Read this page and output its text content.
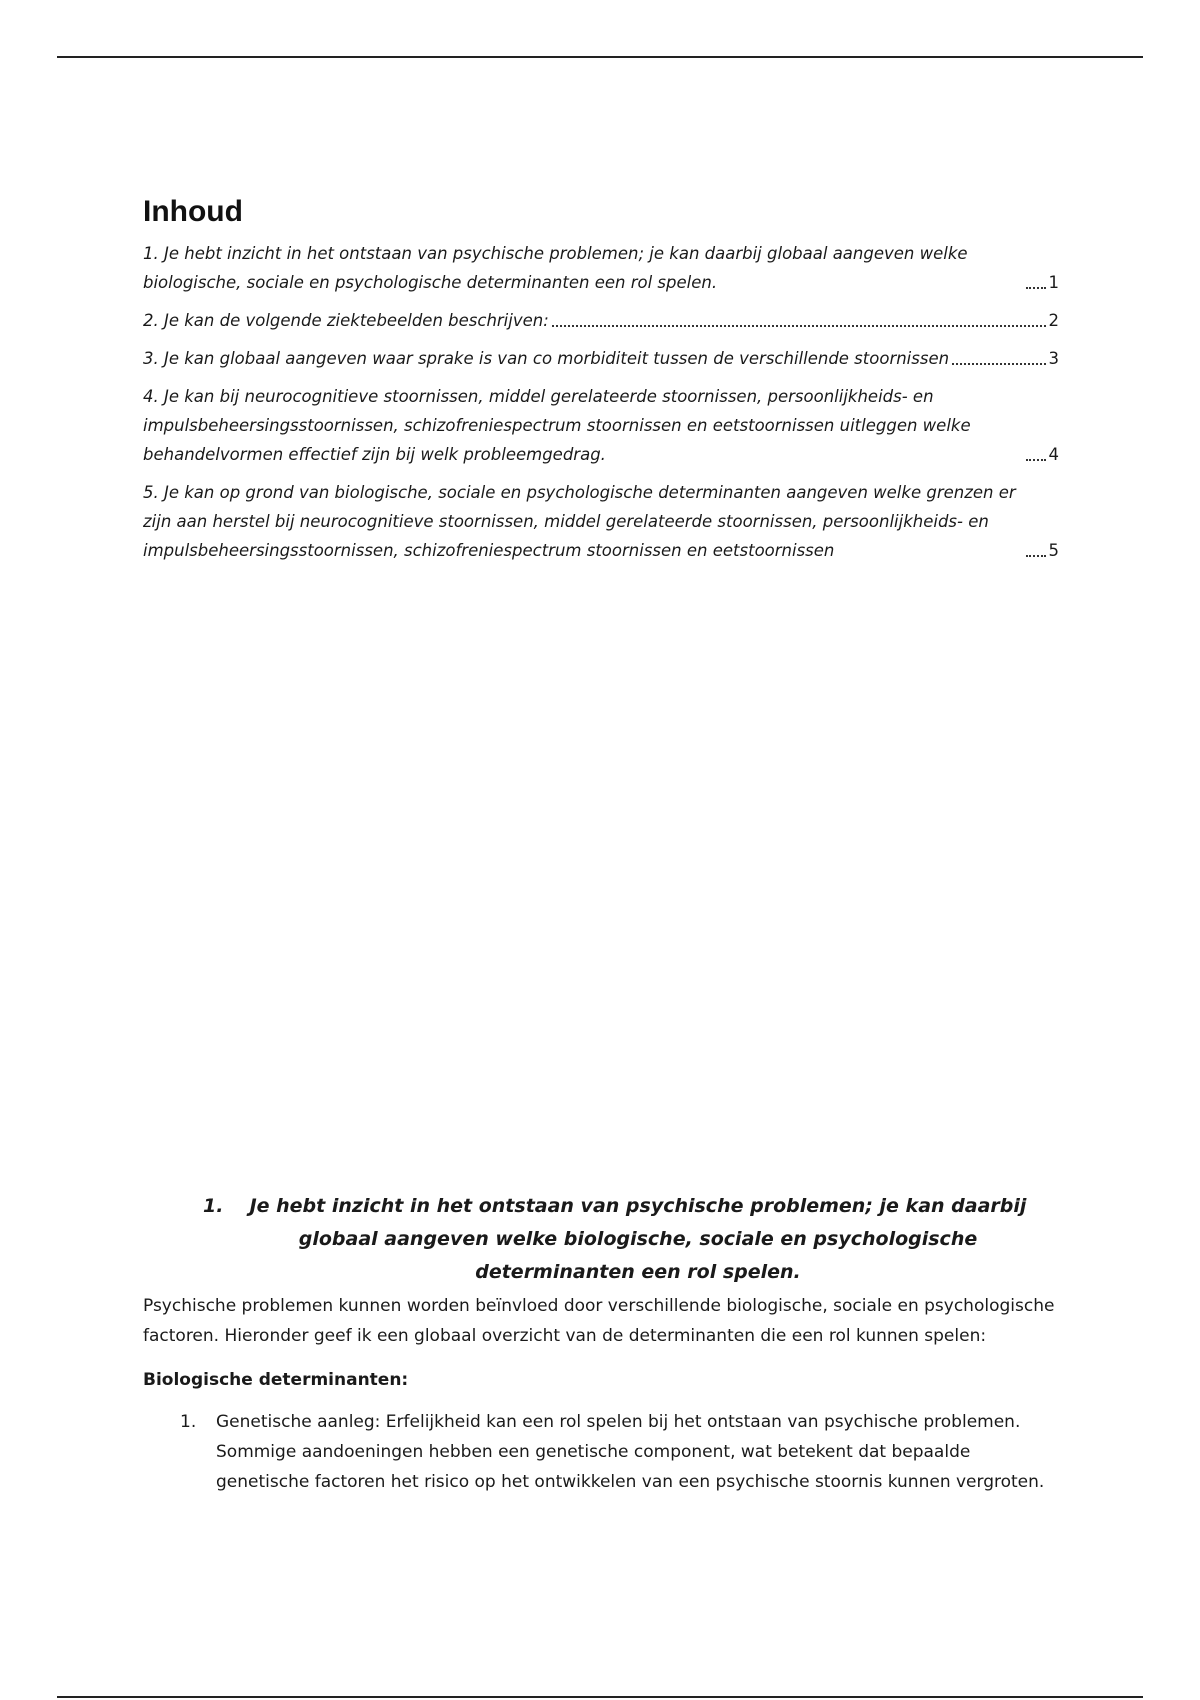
Inhoud
1. Je hebt inzicht in het ontstaan van psychische problemen; je kan daarbij globaal aangeven welke biologische, sociale en psychologische determinanten een rol spelen.	1
2. Je kan de volgende ziektebeelden beschrijven:	2
3. Je kan globaal aangeven waar sprake is van co morbiditeit tussen de verschillende stoornissen	3
4. Je kan bij neurocognitieve stoornissen, middel gerelateerde stoornissen, persoonlijkheids- en impulsbeheersingsstoornissen, schizofreniespectrum stoornissen en eetstoornissen uitleggen welke behandelvormen effectief zijn bij welk probleemgedrag.	4
5. Je kan op grond van biologische, sociale en psychologische determinanten aangeven welke grenzen er zijn aan herstel bij neurocognitieve stoornissen, middel gerelateerde stoornissen, persoonlijkheids- en impulsbeheersingsstoornissen, schizofreniespectrum stoornissen en eetstoornissen	5
1.	Je hebt inzicht in het ontstaan van psychische problemen; je kan daarbij globaal aangeven welke biologische, sociale en psychologische determinanten een rol spelen.

Psychische problemen kunnen worden beïnvloed door verschillende biologische, sociale en psychologische factoren. Hieronder geef ik een globaal overzicht van de determinanten die een rol kunnen spelen:

Biologische determinanten:

1.	Genetische aanleg: Erfelijkheid kan een rol spelen bij het ontstaan van psychische problemen. Sommige aandoeningen hebben een genetische component, wat betekent dat bepaalde genetische factoren het risico op het ontwikkelen van een psychische stoornis kunnen vergroten.
